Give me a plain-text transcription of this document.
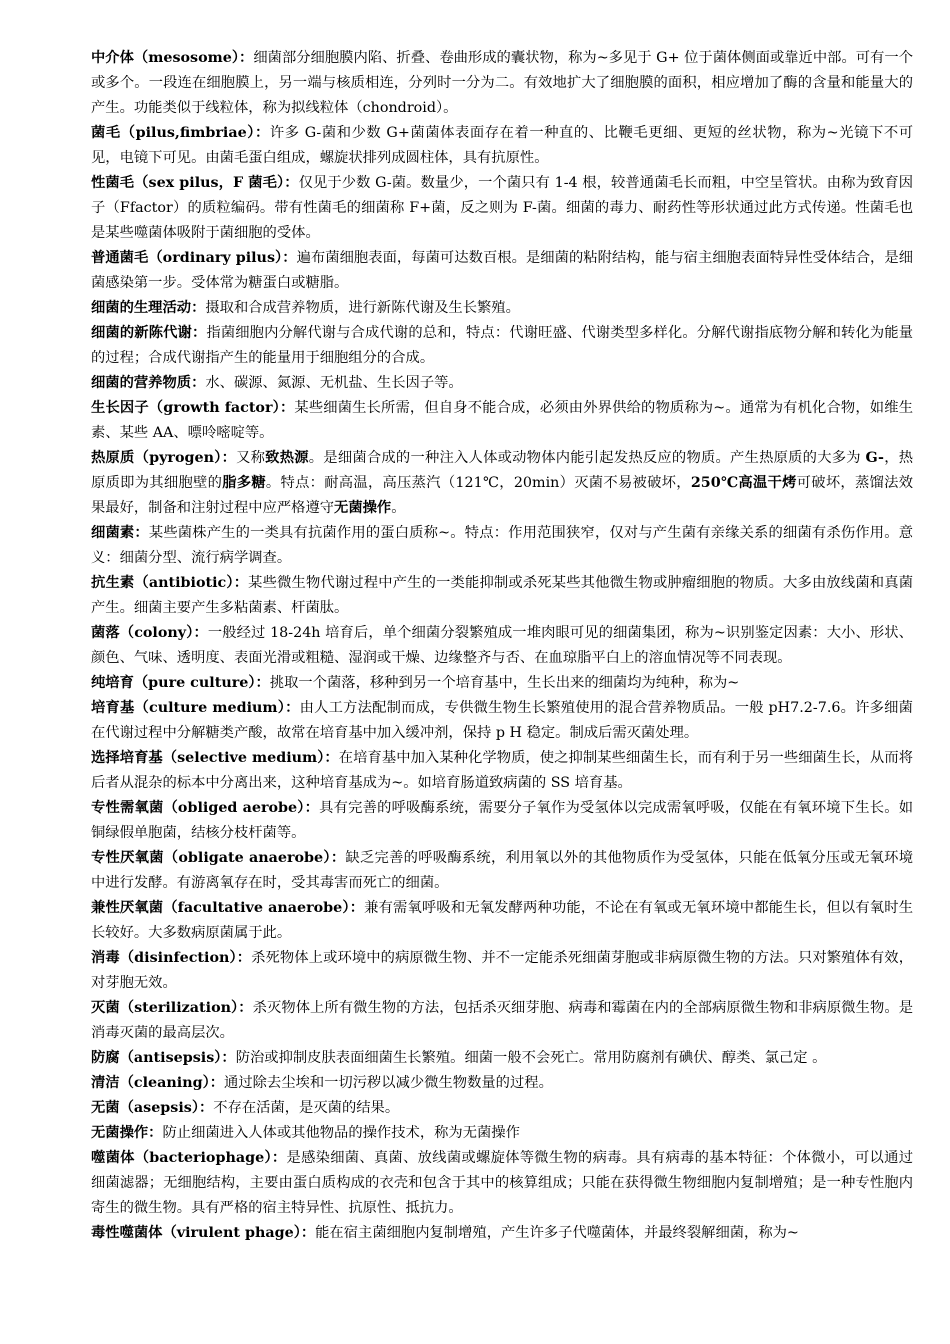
中介体（mesosome）：细菌部分细胞膜内陷、折叠、卷曲形成的囊状物，称为~多见于 G+ 位于菌体侧面或靠近中部。可有一个或多个。一段连在细胞膜上，另一端与核质相连，分列时一分为二。有效地扩大了细胞膜的面积，相应增加了酶的含量和能量大的产生。功能类似于线粒体，称为拟线粒体（chondroid）。

菌毛（pilus,fimbriae）：许多 G-菌和少数 G+菌菌体表面存在着一种直的、比鞭毛更细、更短的丝状物，称为~光镜下不可见，电镜下可见。由菌毛蛋白组成，螺旋状排列成圆柱体，具有抗原性。

性菌毛（sex pilus，F 菌毛）：仅见于少数 G-菌。数量少，一个菌只有 1-4 根，较普通菌毛长而粗，中空呈管状。由称为致育因子（Ffactor）的质粒编码。带有性菌毛的细菌称 F+菌，反之则为 F-菌。细菌的毒力、耐药性等形状通过此方式传递。性菌毛也是某些噬菌体吸附于菌细胞的受体。

普通菌毛（ordinary pilus）：遍布菌细胞表面，每菌可达数百根。是细菌的粘附结构，能与宿主细胞表面特异性受体结合，是细菌感染第一步。受体常为糖蛋白或糖脂。

细菌的生理活动：摄取和合成营养物质，进行新陈代谢及生长繁殖。

细菌的新陈代谢：指菌细胞内分解代谢与合成代谢的总和，特点：代谢旺盛、代谢类型多样化。分解代谢指底物分解和转化为能量的过程；合成代谢指产生的能量用于细胞组分的合成。

细菌的营养物质：水、碳源、氮源、无机盐、生长因子等。

生长因子（growth factor）：某些细菌生长所需，但自身不能合成，必须由外界供给的物质称为~。通常为有机化合物，如维生素、某些 AA、嘌呤嘧啶等。

热原质（pyrogen）：又称致热源。是细菌合成的一种注入人体或动物体内能引起发热反应的物质。产生热原质的大多为 G-，热原质即为其细胞壁的脂多糖。特点：耐高温，高压蒸汽（121℃，20min）灭菌不易被破坏，250℃高温干烤可破坏，蒸馏法效果最好，制备和注射过程中应严格遵守无菌操作。

细菌素：某些菌株产生的一类具有抗菌作用的蛋白质称~。特点：作用范围狭窄，仅对与产生菌有亲缘关系的细菌有杀伤作用。意义：细菌分型、流行病学调查。

抗生素（antibiotic）：某些微生物代谢过程中产生的一类能抑制或杀死某些其他微生物或肿瘤细胞的物质。大多由放线菌和真菌产生。细菌主要产生多粘菌素、杆菌肽。

菌落（colony）：一般经过 18-24h 培育后，单个细菌分裂繁殖成一堆肉眼可见的细菌集团，称为~识别鉴定因素：大小、形状、颜色、气味、透明度、表面光滑或粗糙、湿润或干燥、边缘整齐与否、在血琼脂平白上的溶血情况等不同表现。

纯培育（pure culture）：挑取一个菌落，移种到另一个培育基中，生长出来的细菌均为纯种，称为~

培育基（culture medium）：由人工方法配制而成，专供微生物生长繁殖使用的混合营养物质品。一般 pH7.2-7.6。许多细菌在代谢过程中分解糖类产酸，故常在培育基中加入缓冲剂，保持 p H 稳定。制成后需灭菌处理。

选择培育基（selective medium）：在培育基中加入某种化学物质，使之抑制某些细菌生长，而有利于另一些细菌生长，从而将后者从混杂的标本中分离出来，这种培育基成为~。如培育肠道致病菌的 SS 培育基。

专性需氧菌（obliged aerobe）：具有完善的呼吸酶系统，需要分子氧作为受氢体以完成需氧呼吸，仅能在有氧环境下生长。如铜绿假单胞菌，结核分枝杆菌等。

专性厌氧菌（obligate anaerobe）：缺乏完善的呼吸酶系统，利用氧以外的其他物质作为受氢体，只能在低氧分压或无氧环境中进行发酵。有游离氧存在时，受其毒害而死亡的细菌。

兼性厌氧菌（facultative anaerobe）：兼有需氧呼吸和无氧发酵两种功能，不论在有氧或无氧环境中都能生长，但以有氧时生长较好。大多数病原菌属于此。

消毒（disinfection）：杀死物体上或环境中的病原微生物、并不一定能杀死细菌芽胞或非病原微生物的方法。只对繁殖体有效，对芽胞无效。

灭菌（sterilization）：杀灭物体上所有微生物的方法，包括杀灭细芽胞、病毒和霉菌在内的全部病原微生物和非病原微生物。是消毒灭菌的最高层次。

防腐（antisepsis）：防治或抑制皮肤表面细菌生长繁殖。细菌一般不会死亡。常用防腐剂有碘伏、醇类、氯己定 。

清洁（cleaning）：通过除去尘埃和一切污秽以减少微生物数量的过程。

无菌（asepsis）：不存在活菌，是灭菌的结果。

无菌操作：防止细菌进入人体或其他物品的操作技术，称为无菌操作

噬菌体（bacteriophage）：是感染细菌、真菌、放线菌或螺旋体等微生物的病毒。具有病毒的基本特征：个体微小，可以通过细菌滤器；无细胞结构，主要由蛋白质构成的衣壳和包含于其中的核算组成；只能在获得微生物细胞内复制增殖；是一种专性胞内寄生的微生物。具有严格的宿主特异性、抗原性、抵抗力。

毒性噬菌体（virulent phage）：能在宿主菌细胞内复制增殖，产生许多子代噬菌体，并最终裂解细菌，称为~
